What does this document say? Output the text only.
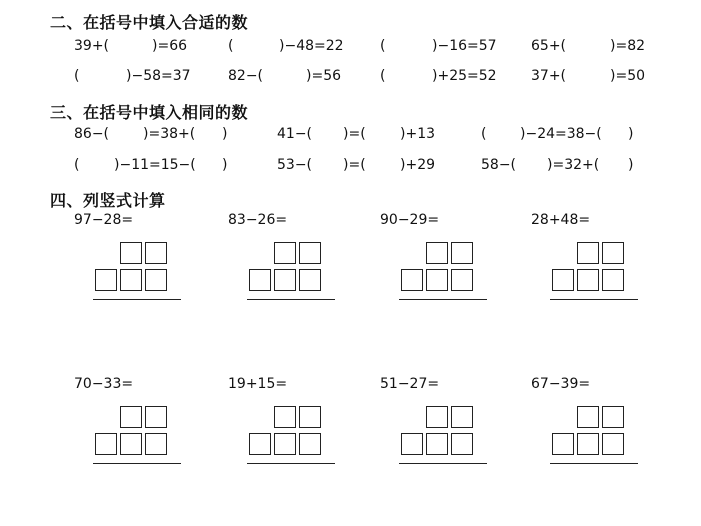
二、在括号中填入合适的数
39+(	)=66	(	)−48=22	(	)−16=57 65+(	)=82
(	)−58=37	82−(	)=56	(	)+25=52 37+(	)=50
三、在括号中填入相同的数
86−( )=38+( )	41−( )=( )+13	( )−24=38−( )
( )−11=15−( )	53−( )=( )+29	58−( )=32+( )
四、列竖式计算
97−28=	83−26=	90−29=	28+48=
70−33=	19+15=	51−27=	67−39=
